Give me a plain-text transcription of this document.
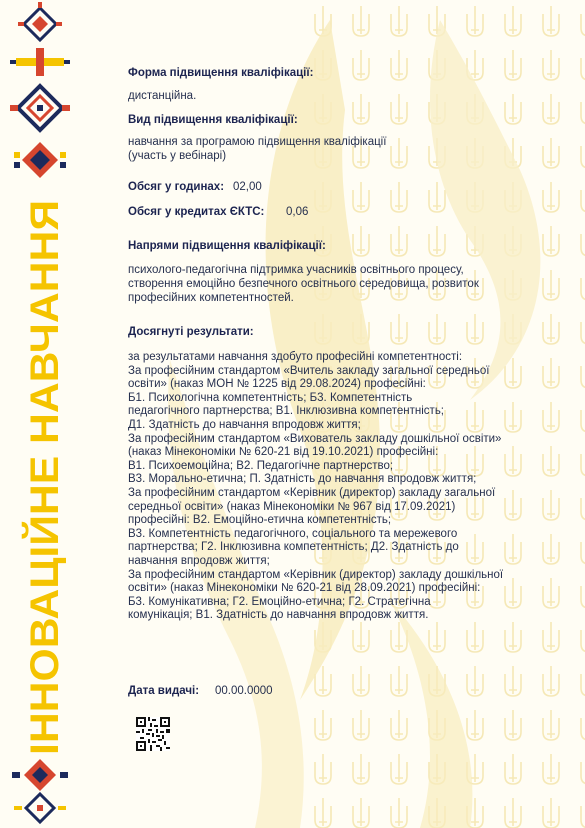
ІННОВАЦІЙНЕ НАВЧАННЯ
Форма підвищення кваліфікації:
дистанційна.
Вид підвищення кваліфікації:
навчання за програмою підвищення кваліфікації
(участь у вебінарі)
Обсяг у годинах: 02,00
Обсяг у кредитах ЄКТС: 0,06
Напрями підвищення кваліфікації:
психолого-педагогічна підтримка учасників освітнього процесу,
створення емоційно безпечного освітнього середовища, розвиток
професійних компетентностей.
Досягнуті результати:
за результатами навчання здобуто професійні компетентності:
За професійним стандартом «Вчитель закладу загальної середньої
освіти» (наказ МОН № 1225 від 29.08.2024) професійні:
Б1. Психологічна компетентність; Б3. Компетентність
педагогічного партнерства; В1. Інклюзивна компетентність;
Д1. Здатність до навчання впродовж життя;
За професійним стандартом «Вихователь закладу дошкільної освіти»
(наказ Мінекономіки № 620-21 від 19.10.2021) професійні:
В1. Психоемоційна; В2. Педагогічне партнерство;
В3. Морально-етична; П. Здатність до навчання впродовж життя;
За професійним стандартом «Керівник (директор) закладу загальної
середньої освіти» (наказ Мінекономіки № 967 від 17.09.2021)
професійні: В2. Емоційно-етична компетентність;
В3. Компетентність педагогічного, соціального та мережевого
партнерства; Г2. Інклюзивна компетентність; Д2. Здатність до
навчання впродовж життя;
За професійним стандартом «Керівник (директор) закладу дошкільної
освіти» (наказ Мінекономіки № 620-21 від 28.09.2021) професійні:
Б3. Комунікативна; Г2. Емоційно-етична; Г2. Стратегічна
комунікація; В1. Здатність до навчання впродовж життя.
Дата видачі: 00.00.0000
